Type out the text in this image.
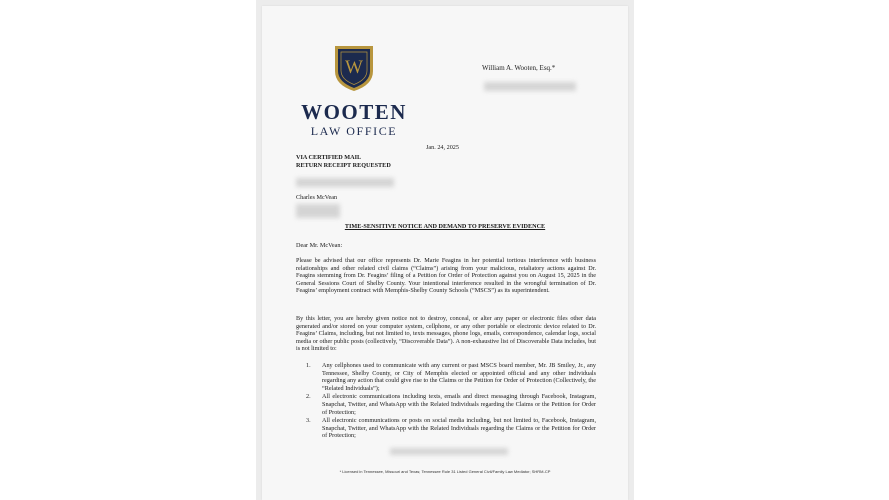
W
WOOTEN
LAW OFFICE
William A. Wooten, Esq.*
Jan. 24, 2025
VIA CERTIFIED MAIL
RETURN RECEIPT REQUESTED
Charles McVean
TIME-SENSITIVE NOTICE AND DEMAND TO PRESERVE EVIDENCE
Dear Mr. McVean:
Please be advised that our office represents Dr. Marie Feagins in her potential tortious interference with business relationships and other related civil claims (“Claims”) arising from your malicious, retaliatory actions against Dr. Feagins stemming from Dr. Feagins’ filing of a Petition for Order of Protection against you on August 15, 2025 in the General Sessions Court of Shelby County. Your intentional interference resulted in the wrongful termination of Dr. Feagins’ employment contract with Memphis-Shelby County Schools (“MSCS”) as its superintendent.
By this letter, you are hereby given notice not to destroy, conceal, or alter any paper or electronic files other data generated and/or stored on your computer system, cellphone, or any other portable or electronic device related to Dr. Feagins’ Claims, including, but not limited to, texts messages, phone logs, emails, correspondence, calendar logs, social media or other public posts (collectively, “Discoverable Data”). A non-exhaustive list of Discoverable Data includes, but is not limited to:
1. Any cellphones used to communicate with any current or past MSCS board member, Mr. JB Smiley, Jr., any Tennessee, Shelby County, or City of Memphis elected or appointed official and any other individuals regarding any action that could give rise to the Claims or the Petition for Order of Protection (Collectively, the “Related Individuals”);
2. All electronic communications including texts, emails and direct messaging through Facebook, Instagram, Snapchat, Twitter, and WhatsApp with the Related Individuals regarding the Claims or the Petition for Order of Protection;
3. All electronic communications or posts on social media including, but not limited to, Facebook, Instagram, Snapchat, Twitter, and WhatsApp with the Related Individuals regarding the Claims or the Petition for Order of Protection;
* Licensed in Tennessee, Missouri and Texas; Tennessee Rule 31 Listed General Civil/Family Law Mediator; SHRM-CP
